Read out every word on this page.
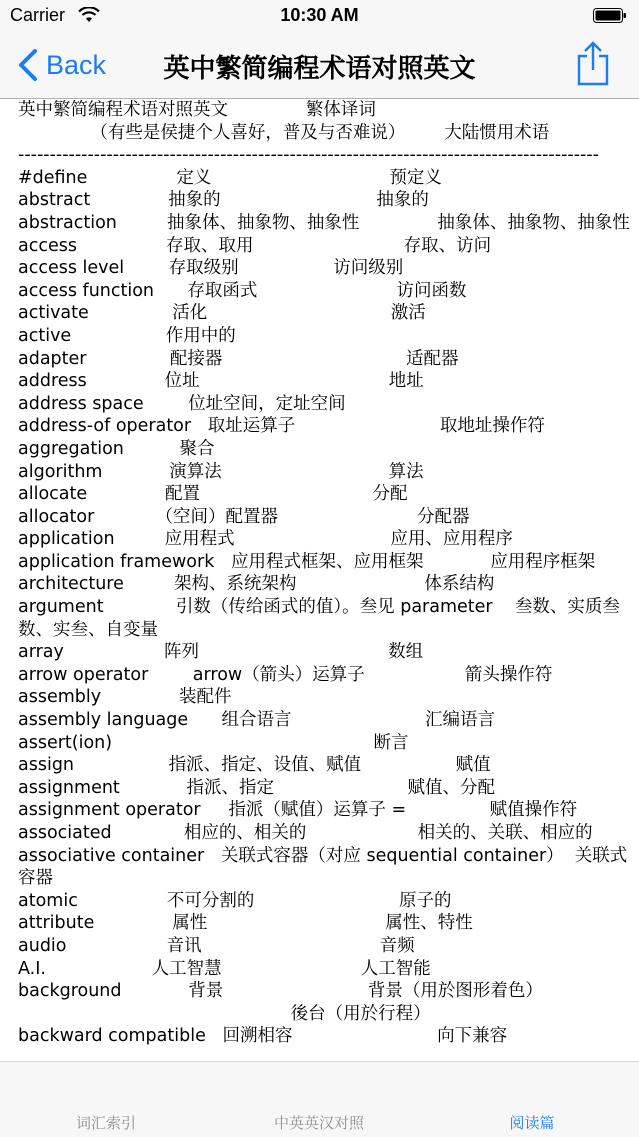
Carrier	10:30 AM
Back	英中繁简编程术语对照英文
英中繁简编程术语对照英文              繁体译词
（有些是侯捷个人喜好，普及与否难说）       大陆惯用术语
--------------------------------------------------------------------------------------------
#define                定义                                预定义
abstract              抽象的                            抽象的
abstraction         抽象体、抽象物、抽象性              抽象体、抽象物、抽象性
access                存取、取用                           存取、访问
access level        存取级别                 访问级别
access function      存取函式                         访问函数
activate               活化                                 激活
active                 作用中的
adapter               配接器                                 适配器
address              位址                                  地址
address space        位址空间，定址空间
address-of operator   取址运算子                          取地址操作符
aggregation          聚合
algorithm            演算法                              算法
allocate              配置                               分配
allocator           （空间）配置器                         分配器
application         应用程式                            应用、应用程序
application framework   应用程式框架、应用框架            应用程序框架
architecture         架构、系统架构                       体系结构
argument             引数（传给函式的值）。叁见 parameter    叁数、实质叁数、实叁、自变量
array                  阵列                                  数组
arrow operator        arrow（箭头）运算子                  箭头操作符
assembly              装配件
assembly language      组合语言                        汇编语言
assert(ion)                                               断言
assign                 指派、指定、设值、赋值                 赋值
assignment            指派、指定                        赋值、分配
assignment operator     指派（赋值）运算子 =               赋值操作符
associated             相应的、相关的                    相关的、关联、相应的
associative container   关联式容器（对应 sequential container）  关联式容器
atomic                不可分割的                          原子的
attribute              属性                                属性、特性
audio                  音讯                                音频
A.I.                   人工智慧                         人工智能
background            背景                          背景（用於图形着色）
後台（用於行程）
backward compatible   回溯相容                          向下兼容
词汇索引	中英英汉对照	阅读篇
